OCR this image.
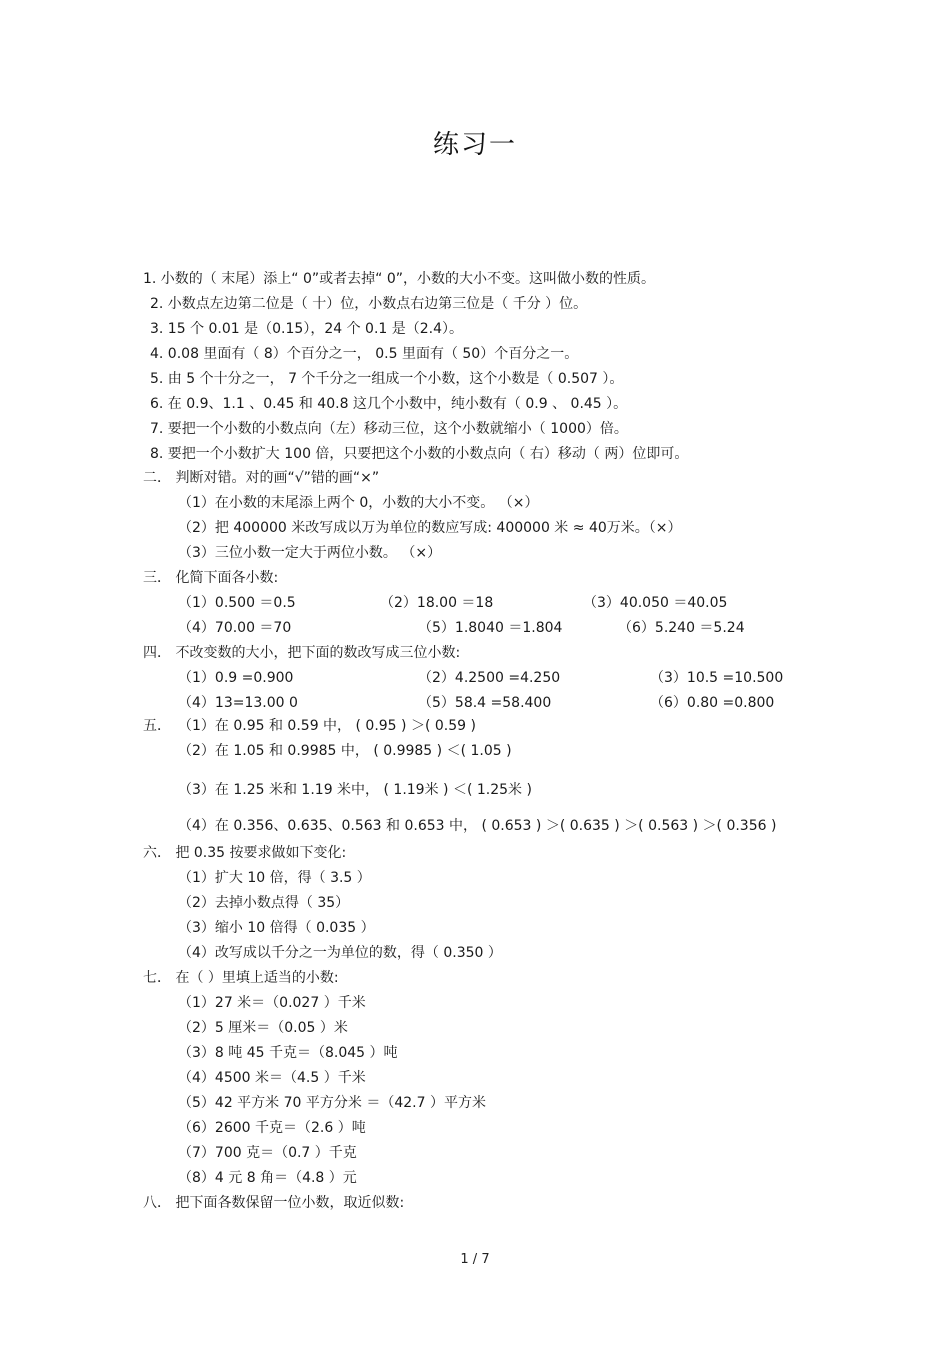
练习一
1. 小数的（ 末尾）添上“ 0”或者去掉“ 0”，小数的大小不变。这叫做小数的性质。
2. 小数点左边第二位是（ 十）位，小数点右边第三位是（ 千分 ）位。
3. 15 个 0.01 是（0.15），24 个 0.1 是（2.4）。
4. 0.08 里面有（ 8）个百分之一， 0.5 里面有（ 50）个百分之一。
5. 由 5 个十分之一， 7 个千分之一组成一个小数，这个小数是（ 0.507 ）。
6. 在 0.9、1.1 、0.45 和 40.8 这几个小数中，纯小数有（ 0.9 、 0.45 ）。
7. 要把一个小数的小数点向（左）移动三位，这个小数就缩小（ 1000）倍。
8. 要把一个小数扩大 100 倍，只要把这个小数的小数点向（ 右）移动（ 两）位即可。
二． 判断对错。对的画“√”错的画“×”
（1）在小数的末尾添上两个 0，小数的大小不变。 （×）
（2）把 400000 米改写成以万为单位的数应写成: 400000 米 ≈ 40万米。（×）
（3）三位小数一定大于两位小数。 （×）
三． 化简下面各小数:
（1）0.500 ＝0.5	（2）18.00 ＝18	（3）40.050 ＝40.05
（4）70.00 ＝70	（5）1.8040 ＝1.804	（6）5.240 ＝5.24
四． 不改变数的大小，把下面的数改写成三位小数:
（1）0.9 =0.900	（2）4.2500 =4.250	（3）10.5 =10.500
（4）13=13.00 0	（5）58.4 =58.400	（6）0.80 =0.800
五． （1）在 0.95 和 0.59 中， ( 0.95 ) ＞( 0.59 )
（2）在 1.05 和 0.9985 中， ( 0.9985 ) ＜( 1.05 )
（3）在 1.25 米和 1.19 米中， ( 1.19米 ) ＜( 1.25米 )
（4）在 0.356、0.635、0.563 和 0.653 中， ( 0.653 ) ＞( 0.635 ) ＞( 0.563 ) ＞( 0.356 )
六． 把 0.35 按要求做如下变化:
（1）扩大 10 倍，得（ 3.5 ）
（2）去掉小数点得（ 35）
（3）缩小 10 倍得（ 0.035 ）
（4）改写成以千分之一为单位的数，得（ 0.350 ）
七． 在（ ）里填上适当的小数:
（1）27 米＝（0.027 ）千米
（2）5 厘米＝（0.05 ）米
（3）8 吨 45 千克＝（8.045 ）吨
（4）4500 米＝（4.5 ）千米
（5）42 平方米 70 平方分米 ＝（42.7 ）平方米
（6）2600 千克＝（2.6 ）吨
（7）700 克＝（0.7 ）千克
（8）4 元 8 角＝（4.8 ）元
八． 把下面各数保留一位小数，取近似数:
1 / 7
